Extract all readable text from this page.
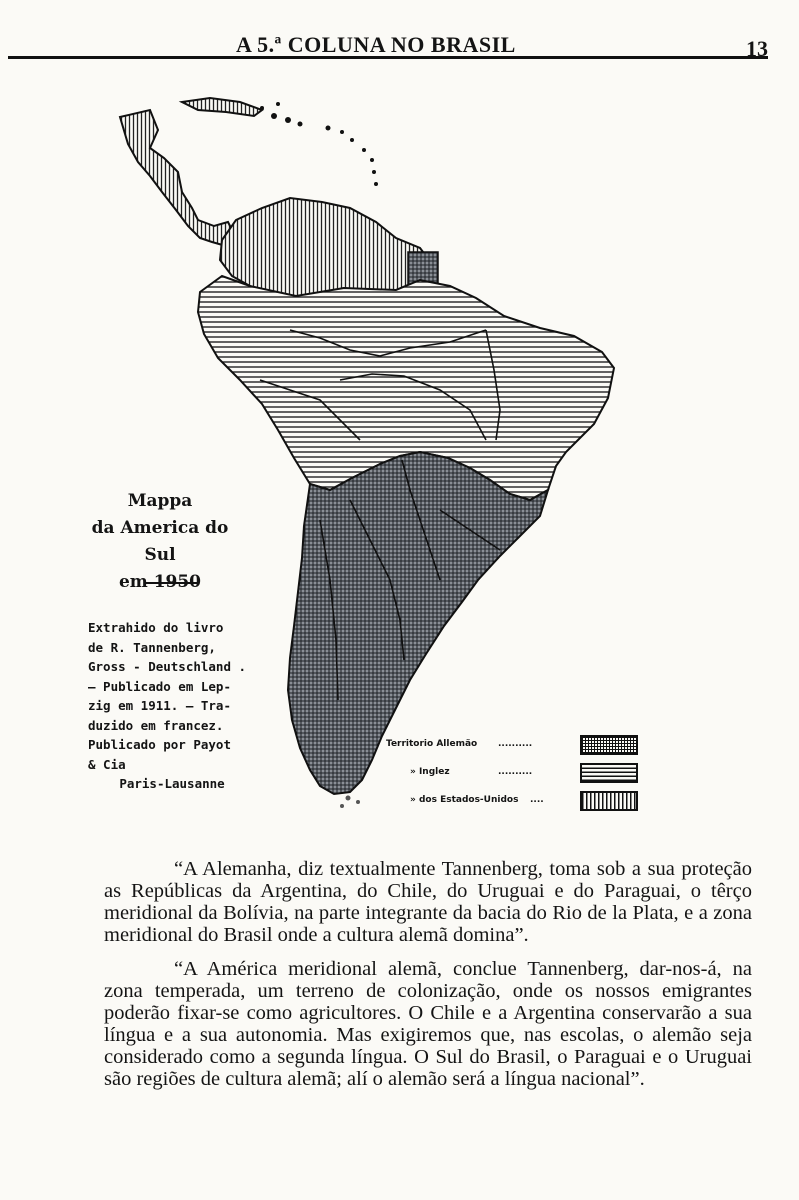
A 5.ª COLUNA NO BRASIL	13
Mappa
da America do Sul
em 1950
Extrahido do livro
de R. Tannenberg,
Gross - Deutschland .
— Publicado em Lep-
zig em 1911. — Tra-
duzido em francez.
Publicado por Payot
& Cia
Paris-Lausanne
Territorio Allemão ..........
» Inglez	..........
» dos Estados-Unidos ....

“A Alemanha, diz textualmente Tannenberg, toma sob a sua proteção as Repúblicas da Argentina, do Chile, do Uruguai e do Paraguai, o têrço meridional da Bolívia, na parte integrante da bacia do Rio de la Plata, e a zona meridional do Brasil onde a cultura alemã domina”.

“A América meridional alemã, conclue Tannenberg, dar-nos-á, na zona temperada, um terreno de colonização, onde os nossos emigrantes poderão fixar-se como agricultores. O Chile e a Argentina conservarão a sua língua e a sua autonomia. Mas exigiremos que, nas escolas, o alemão seja considerado como a segunda língua. O Sul do Brasil, o Paraguai e o Uruguai são regiões de cultura alemã; alí o alemão será a língua nacional”.
